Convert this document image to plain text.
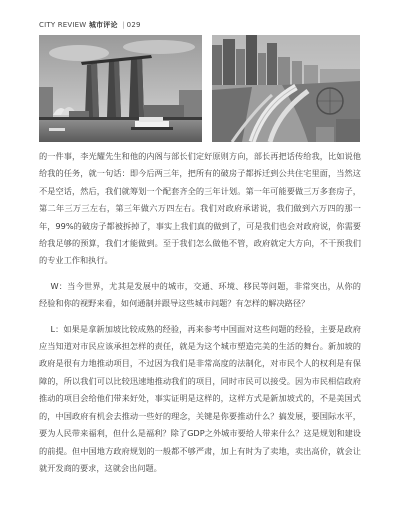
CITY REVIEW 城市评论 | 029

的一件事，李光耀先生和他的内阁与部长们定好原则方向，部长再把话传给我，比如说他给我的任务，就一句话：即今后两三年，把所有的破房子都拆迁到公共住宅里面，当然这不是空话，然后，我们就筹划一个配套齐全的三年计划。第一年可能要做三万多套房子，第二年三万三左右，第三年做六万四左右。我们对政府承诺说，我们做到六万四的那一年，99%的破房子都被拆掉了，事实上我们真的做到了，可是我们也会对政府说，你需要给我足够的预算，我们才能做到。至于我们怎么做他不管，政府就定大方向，不干预我们的专业工作和执行。

W：当今世界，尤其是发展中的城市，交通、环境、移民等问题，非常突出，从你的经验和你的视野来看，如何通制并跟导这些城市问题？有怎样的解决路径？

L：如果是拿新加坡比较成熟的经验，再来参考中国面对这些问题的经验，主要是政府应当知道对市民应该承担怎样的责任，就是为这个城市塑造完美的生活的舞台。新加坡的政府是很有力地推动项目，不过因为我们是非常高度的法制化，对市民个人的权利是有保障的，所以我们可以比较迅速地推动我们的项目，同时市民可以接受。因为市民相信政府推动的项目会给他们带来好处，事实证明是这样的，这样方式是新加坡式的，不是美国式的，中国政府有机会去推动一些好的理念，关键是你要推动什么？搞发展，要国际水平，要为人民带来福利，但什么是福利？除了GDP之外城市要给人带来什么？这是规划和建设的前提。但中国地方政府规划的一般都不够严肃，加上有时为了卖地，卖出高价，就会让就开发商的要求，这就会出问题。
